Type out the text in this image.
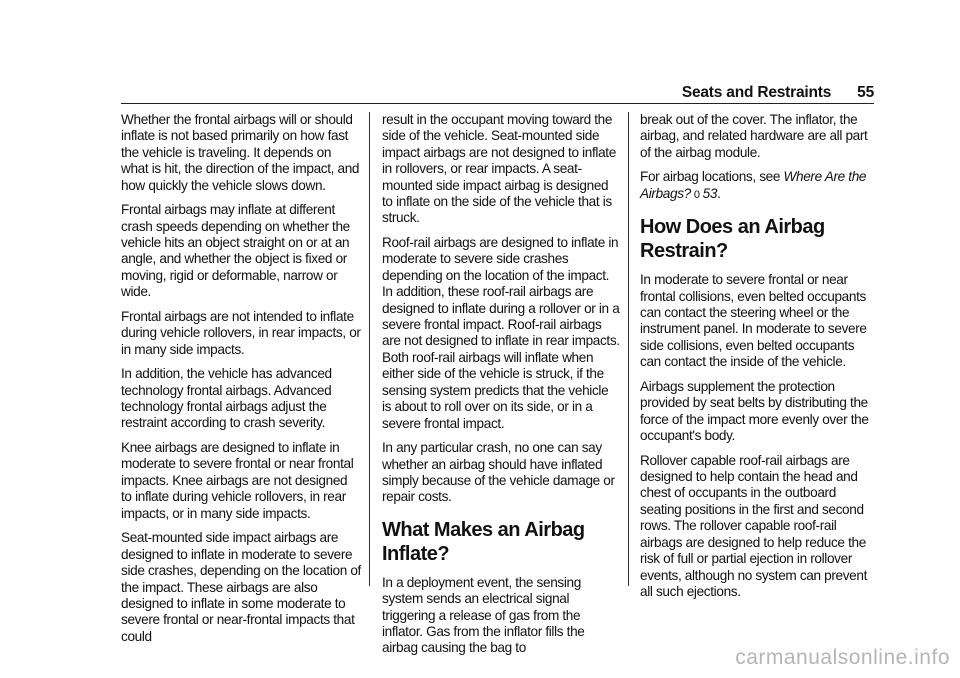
Seats and Restraints 55

Whether the frontal airbags will or should inflate is not based primarily on how fast the vehicle is traveling. It depends on what is hit, the direction of the impact, and how quickly the vehicle slows down.

Frontal airbags may inflate at different crash speeds depending on whether the vehicle hits an object straight on or at an angle, and whether the object is fixed or moving, rigid or deformable, narrow or wide.

Frontal airbags are not intended to inflate during vehicle rollovers, in rear impacts, or in many side impacts.

In addition, the vehicle has advanced technology frontal airbags. Advanced technology frontal airbags adjust the restraint according to crash severity.

Knee airbags are designed to inflate in moderate to severe frontal or near frontal impacts. Knee airbags are not designed to inflate during vehicle rollovers, in rear impacts, or in many side impacts.

Seat-mounted side impact airbags are designed to inflate in moderate to severe side crashes, depending on the location of the impact. These airbags are also designed to inflate in some moderate to severe frontal or near-frontal impacts that could

result in the occupant moving toward the side of the vehicle. Seat-mounted side impact airbags are not designed to inflate in rollovers, or rear impacts. A seat-mounted side impact airbag is designed to inflate on the side of the vehicle that is struck.

Roof-rail airbags are designed to inflate in moderate to severe side crashes depending on the location of the impact. In addition, these roof-rail airbags are designed to inflate during a rollover or in a severe frontal impact. Roof-rail airbags are not designed to inflate in rear impacts. Both roof-rail airbags will inflate when either side of the vehicle is struck, if the sensing system predicts that the vehicle is about to roll over on its side, or in a severe frontal impact.

In any particular crash, no one can say whether an airbag should have inflated simply because of the vehicle damage or repair costs.

What Makes an Airbag Inflate?

In a deployment event, the sensing system sends an electrical signal triggering a release of gas from the inflator. Gas from the inflator fills the airbag causing the bag to

break out of the cover. The inflator, the airbag, and related hardware are all part of the airbag module.

For airbag locations, see Where Are the Airbags? 0 53.

How Does an Airbag Restrain?

In moderate to severe frontal or near frontal collisions, even belted occupants can contact the steering wheel or the instrument panel. In moderate to severe side collisions, even belted occupants can contact the inside of the vehicle.

Airbags supplement the protection provided by seat belts by distributing the force of the impact more evenly over the occupant's body.

Rollover capable roof-rail airbags are designed to help contain the head and chest of occupants in the outboard seating positions in the first and second rows. The rollover capable roof-rail airbags are designed to help reduce the risk of full or partial ejection in rollover events, although no system can prevent all such ejections.

carmanualsonline.info
